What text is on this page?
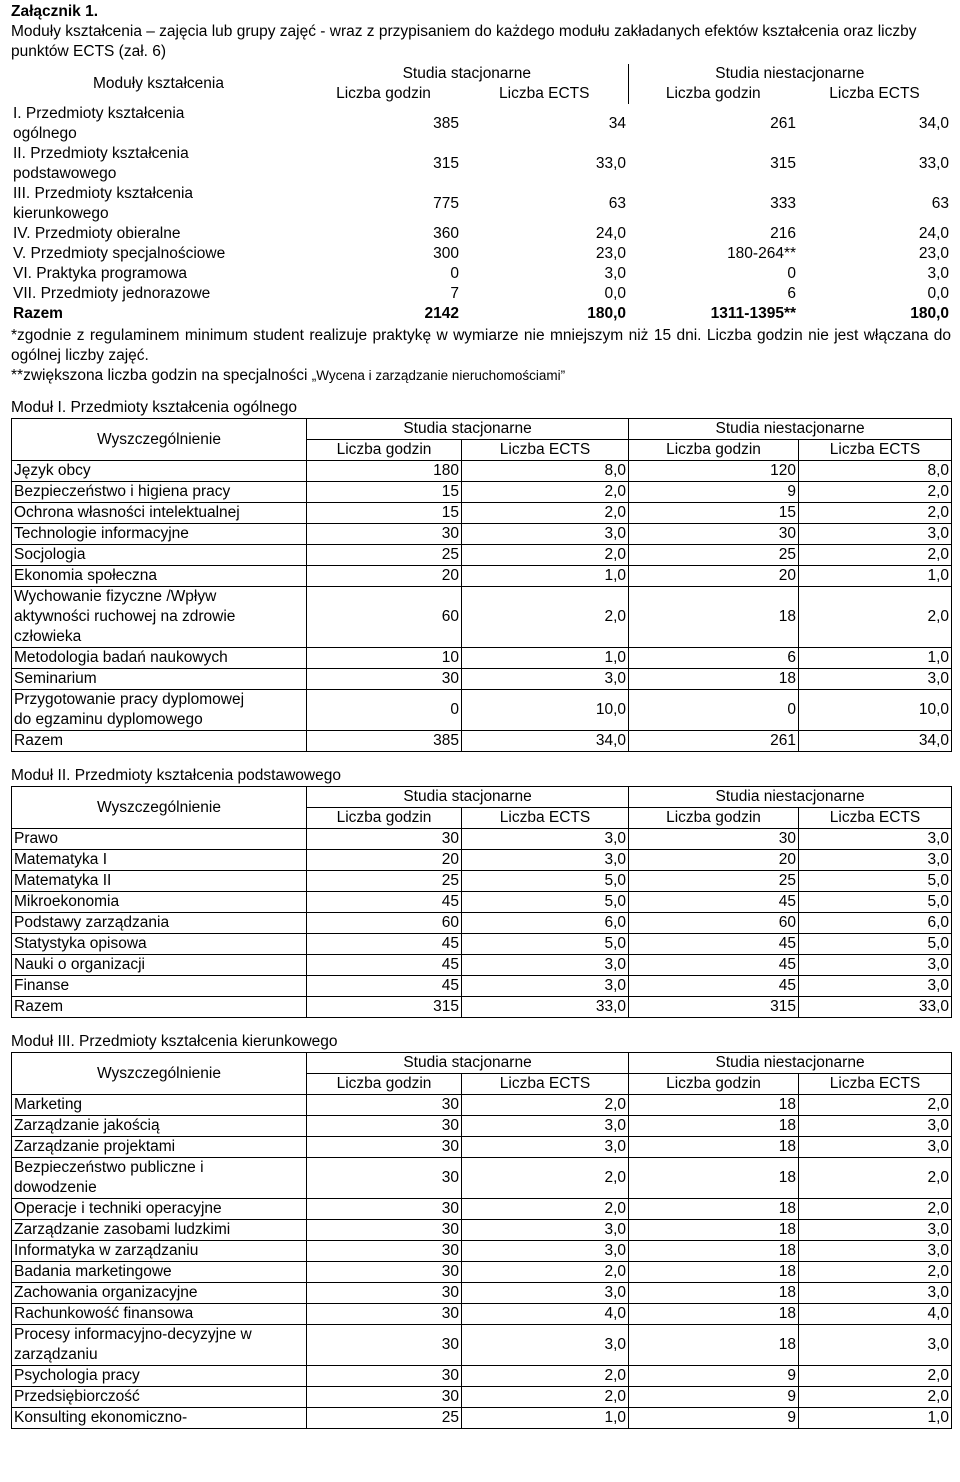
Załącznik 1.
Moduły kształcenia – zajęcia lub grupy zajęć - wraz z przypisaniem do każdego modułu zakładanych efektów kształcenia oraz liczby punktów ECTS (zał. 6)
Moduły kształcenia	Studia stacjonarne		Studia niestacjonarne	
	Liczba godzin	Liczba ECTS	Liczba godzin	Liczba ECTS
I. Przedmioty kształcenia ogólnego	385	34	261	34,0
II. Przedmioty kształcenia podstawowego	315	33,0	315	33,0
III. Przedmioty kształcenia kierunkowego	775	63	333	63
IV. Przedmioty obieralne	360	24,0	216	24,0
V. Przedmioty specjalnościowe	300	23,0	180-264**	23,0
VI. Praktyka programowa	0	3,0	0	3,0
VII. Przedmioty jednorazowe	7	0,0	6	0,0
Razem	2142	180,0	1311-1395**	180,0
*zgodnie z regulaminem minimum student realizuje praktykę w wymiarze nie mniejszym niż 15 dni. Liczba godzin nie jest włączana do ogólnej liczby zajęć.
**zwiększona liczba godzin na specjalności „Wycena i zarządzanie nieruchomościami”
Moduł I. Przedmioty kształcenia ogólnego
Wyszczególnienie	Studia stacjonarne		Studia niestacjonarne	
	Liczba godzin	Liczba ECTS	Liczba godzin	Liczba ECTS
Język obcy	180	8,0	120	8,0
Bezpieczeństwo i higiena pracy	15	2,0	9	2,0
Ochrona własności intelektualnej	15	2,0	15	2,0
Technologie informacyjne	30	3,0	30	3,0
Socjologia	25	2,0	25	2,0
Ekonomia społeczna	20	1,0	20	1,0
Wychowanie fizyczne /Wpływ aktywności ruchowej na zdrowie człowieka	60	2,0	18	2,0
Metodologia badań naukowych	10	1,0	6	1,0
Seminarium	30	3,0	18	3,0
Przygotowanie pracy dyplomowej do egzaminu dyplomowego	0	10,0	0	10,0
Razem	385	34,0	261	34,0
Moduł II. Przedmioty kształcenia podstawowego
Wyszczególnienie	Studia stacjonarne		Studia niestacjonarne	
	Liczba godzin	Liczba ECTS	Liczba godzin	Liczba ECTS
Prawo	30	3,0	30	3,0
Matematyka I	20	3,0	20	3,0
Matematyka II	25	5,0	25	5,0
Mikroekonomia	45	5,0	45	5,0
Podstawy zarządzania	60	6,0	60	6,0
Statystyka opisowa	45	5,0	45	5,0
Nauki o organizacji	45	3,0	45	3,0
Finanse	45	3,0	45	3,0
Razem	315	33,0	315	33,0
Moduł III. Przedmioty kształcenia kierunkowego
Wyszczególnienie	Studia stacjonarne		Studia niestacjonarne	
	Liczba godzin	Liczba ECTS	Liczba godzin	Liczba ECTS
Marketing	30	2,0	18	2,0
Zarządzanie jakością	30	3,0	18	3,0
Zarządzanie projektami	30	3,0	18	3,0
Bezpieczeństwo publiczne i dowodzenie	30	2,0	18	2,0
Operacje i techniki operacyjne	30	2,0	18	2,0
Zarządzanie zasobami ludzkimi	30	3,0	18	3,0
Informatyka w zarządzaniu	30	3,0	18	3,0
Badania marketingowe	30	2,0	18	2,0
Zachowania organizacyjne	30	3,0	18	3,0
Rachunkowość finansowa	30	4,0	18	4,0
Procesy informacyjno-decyzyjne w zarządzaniu	30	3,0	18	3,0
Psychologia pracy	30	2,0	9	2,0
Przedsiębiorczość	30	2,0	9	2,0
Konsulting ekonomiczno-	25	1,0	9	1,0
